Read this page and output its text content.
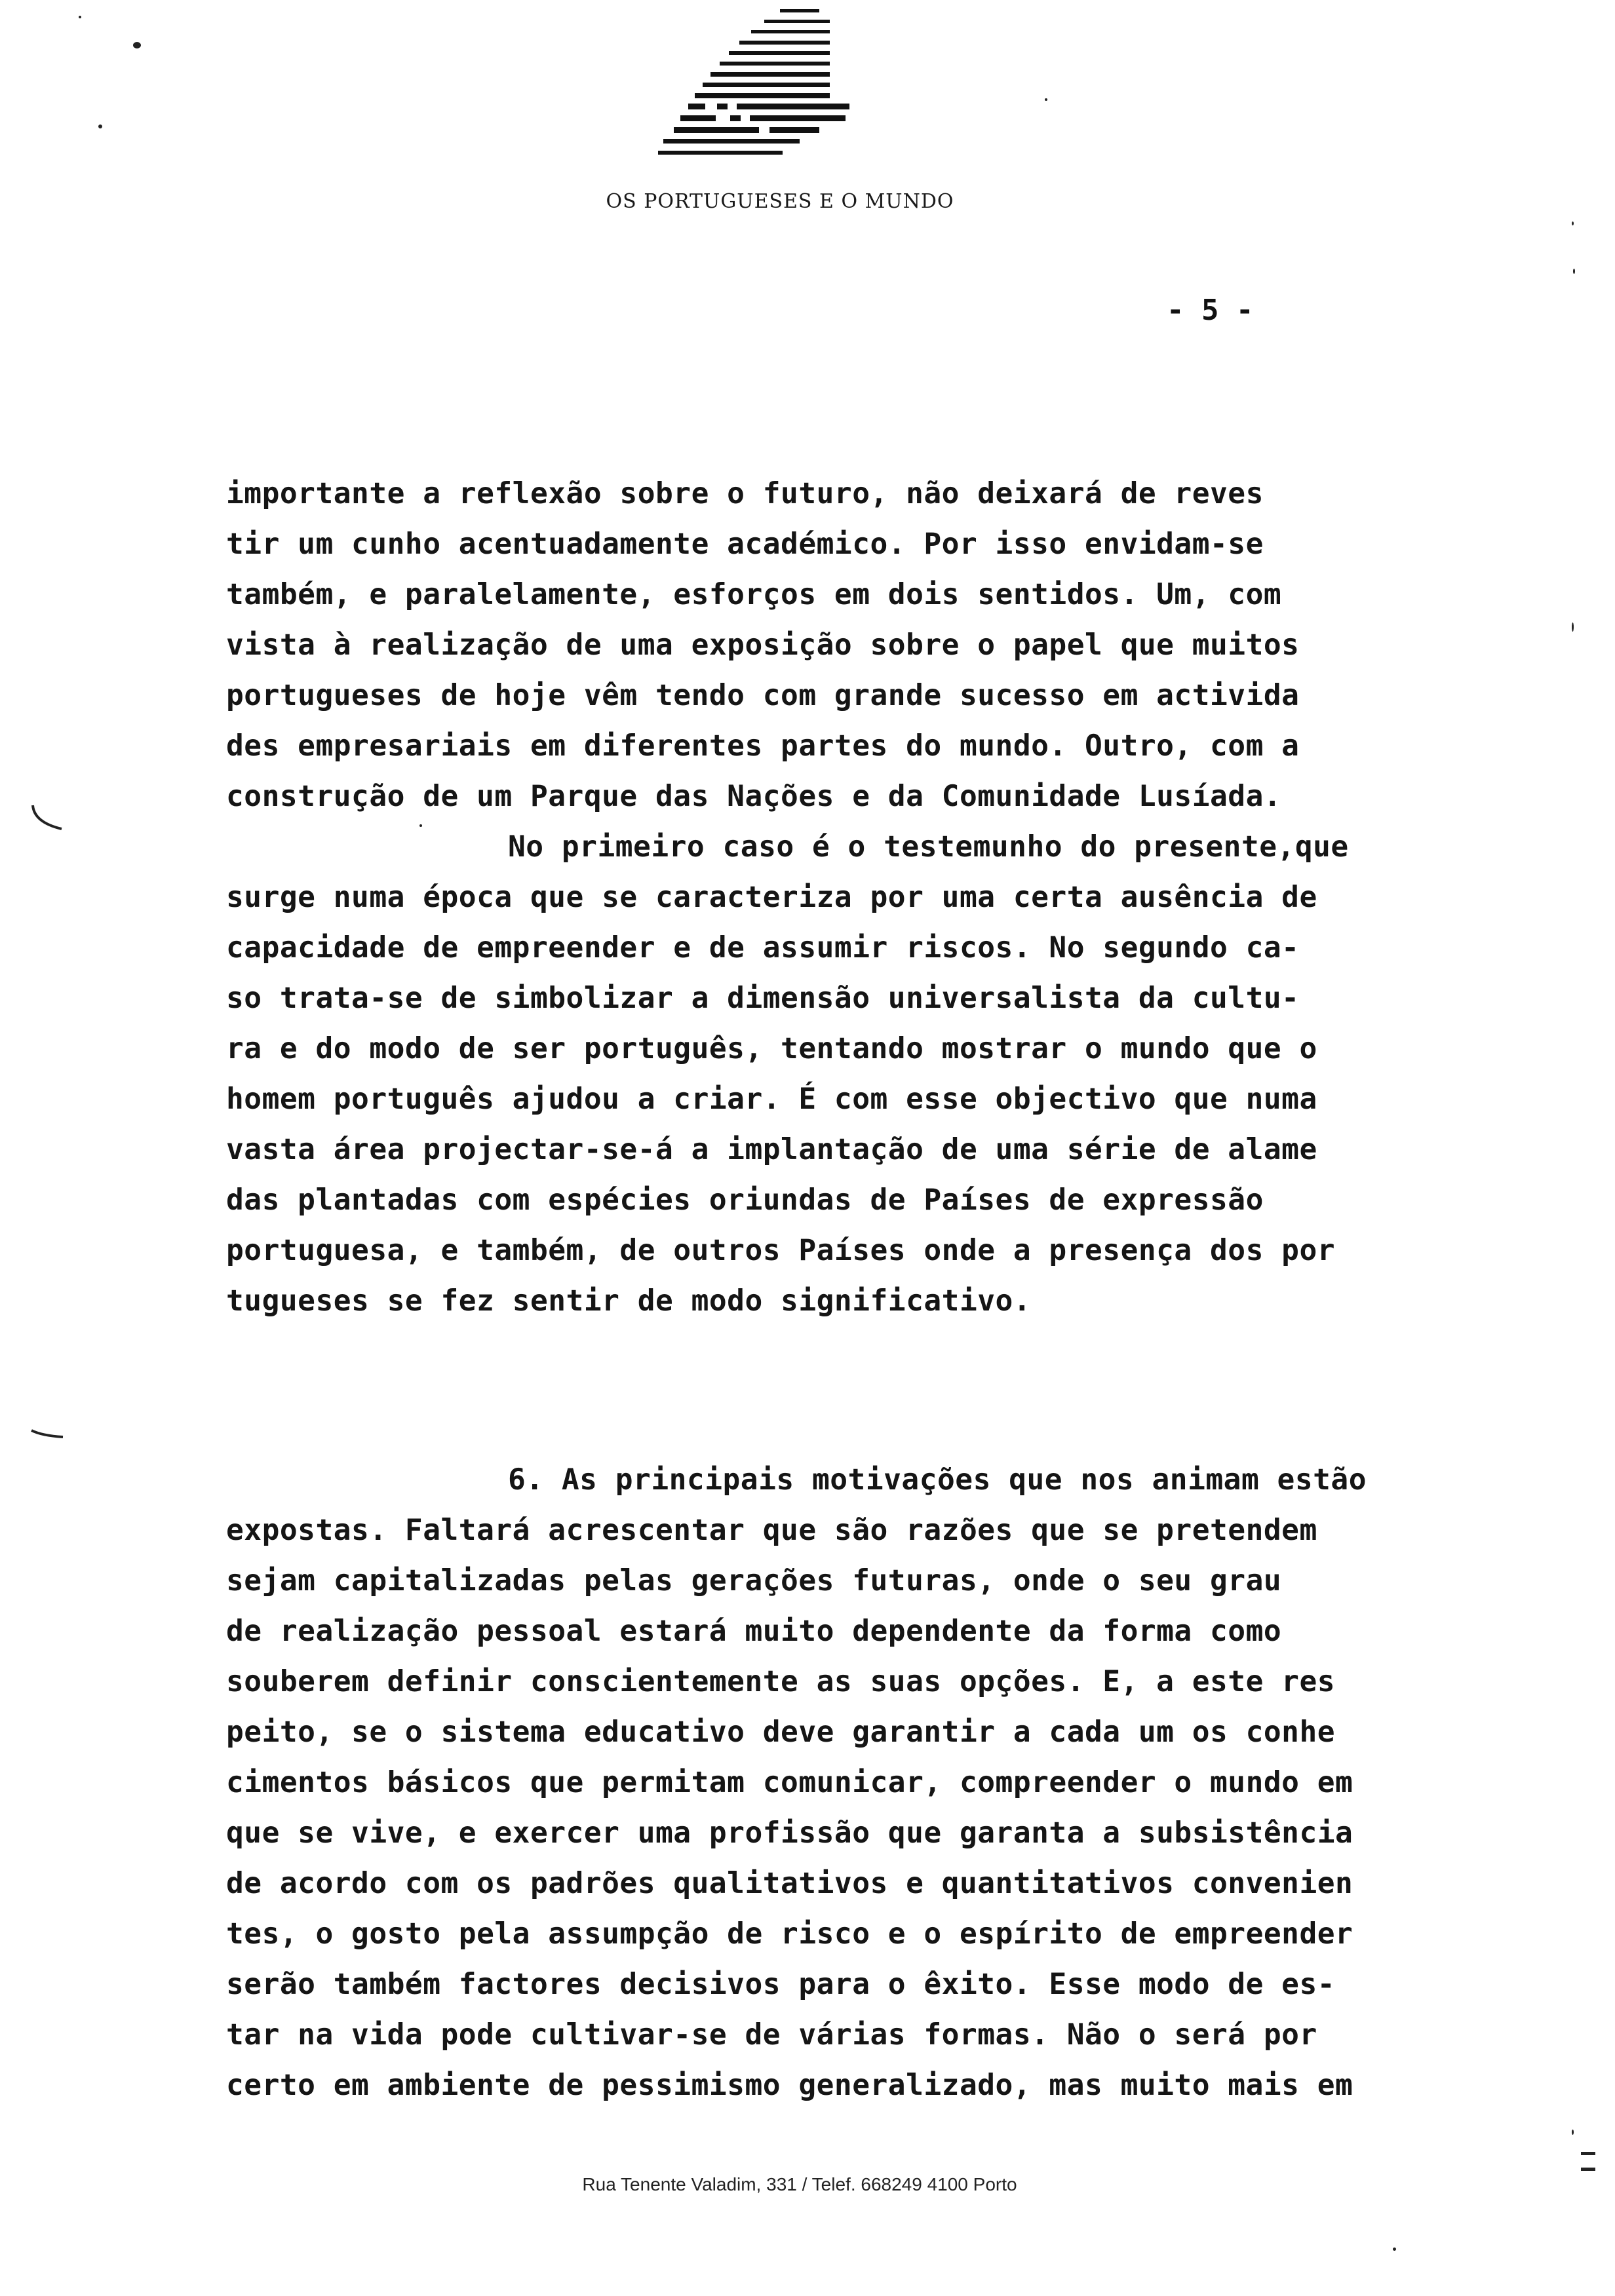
OS PORTUGUESES E O MUNDO
- 5 -
importante a reflexão sobre o futuro, não deixará de reves
tir um cunho acentuadamente académico. Por isso envidam-se
também, e paralelamente, esforços em dois sentidos. Um, com
vista à realização de uma exposição sobre o papel que muitos
portugueses de hoje vêm tendo com grande sucesso em activida
des empresariais em diferentes partes do mundo. Outro, com a
construção de um Parque das Nações e da Comunidade Lusíada.
No primeiro caso é o testemunho do presente,que
surge numa época que se caracteriza por uma certa ausência de
capacidade de empreender e de assumir riscos. No segundo ca-
so trata-se de simbolizar a dimensão universalista da cultu-
ra e do modo de ser português, tentando mostrar o mundo que o
homem português ajudou a criar. É com esse objectivo que numa
vasta área projectar-se-á a implantação de uma série de alame
das plantadas com espécies oriundas de Países de expressão
portuguesa, e também, de outros Países onde a presença dos por
tugueses se fez sentir de modo significativo.
6. As principais motivações que nos animam estão
expostas. Faltará acrescentar que são razões que se pretendem
sejam capitalizadas pelas gerações futuras, onde o seu grau
de realização pessoal estará muito dependente da forma como
souberem definir conscientemente as suas opções. E, a este res
peito, se o sistema educativo deve garantir a cada um os conhe
cimentos básicos que permitam comunicar, compreender o mundo em
que se vive, e exercer uma profissão que garanta a subsistência
de acordo com os padrões qualitativos e quantitativos convenien
tes, o gosto pela assumpção de risco e o espírito de empreender
serão também factores decisivos para o êxito. Esse modo de es-
tar na vida pode cultivar-se de várias formas. Não o será por
certo em ambiente de pessimismo generalizado, mas muito mais em
Rua Tenente Valadim, 331 / Telef. 668249 4100 Porto
